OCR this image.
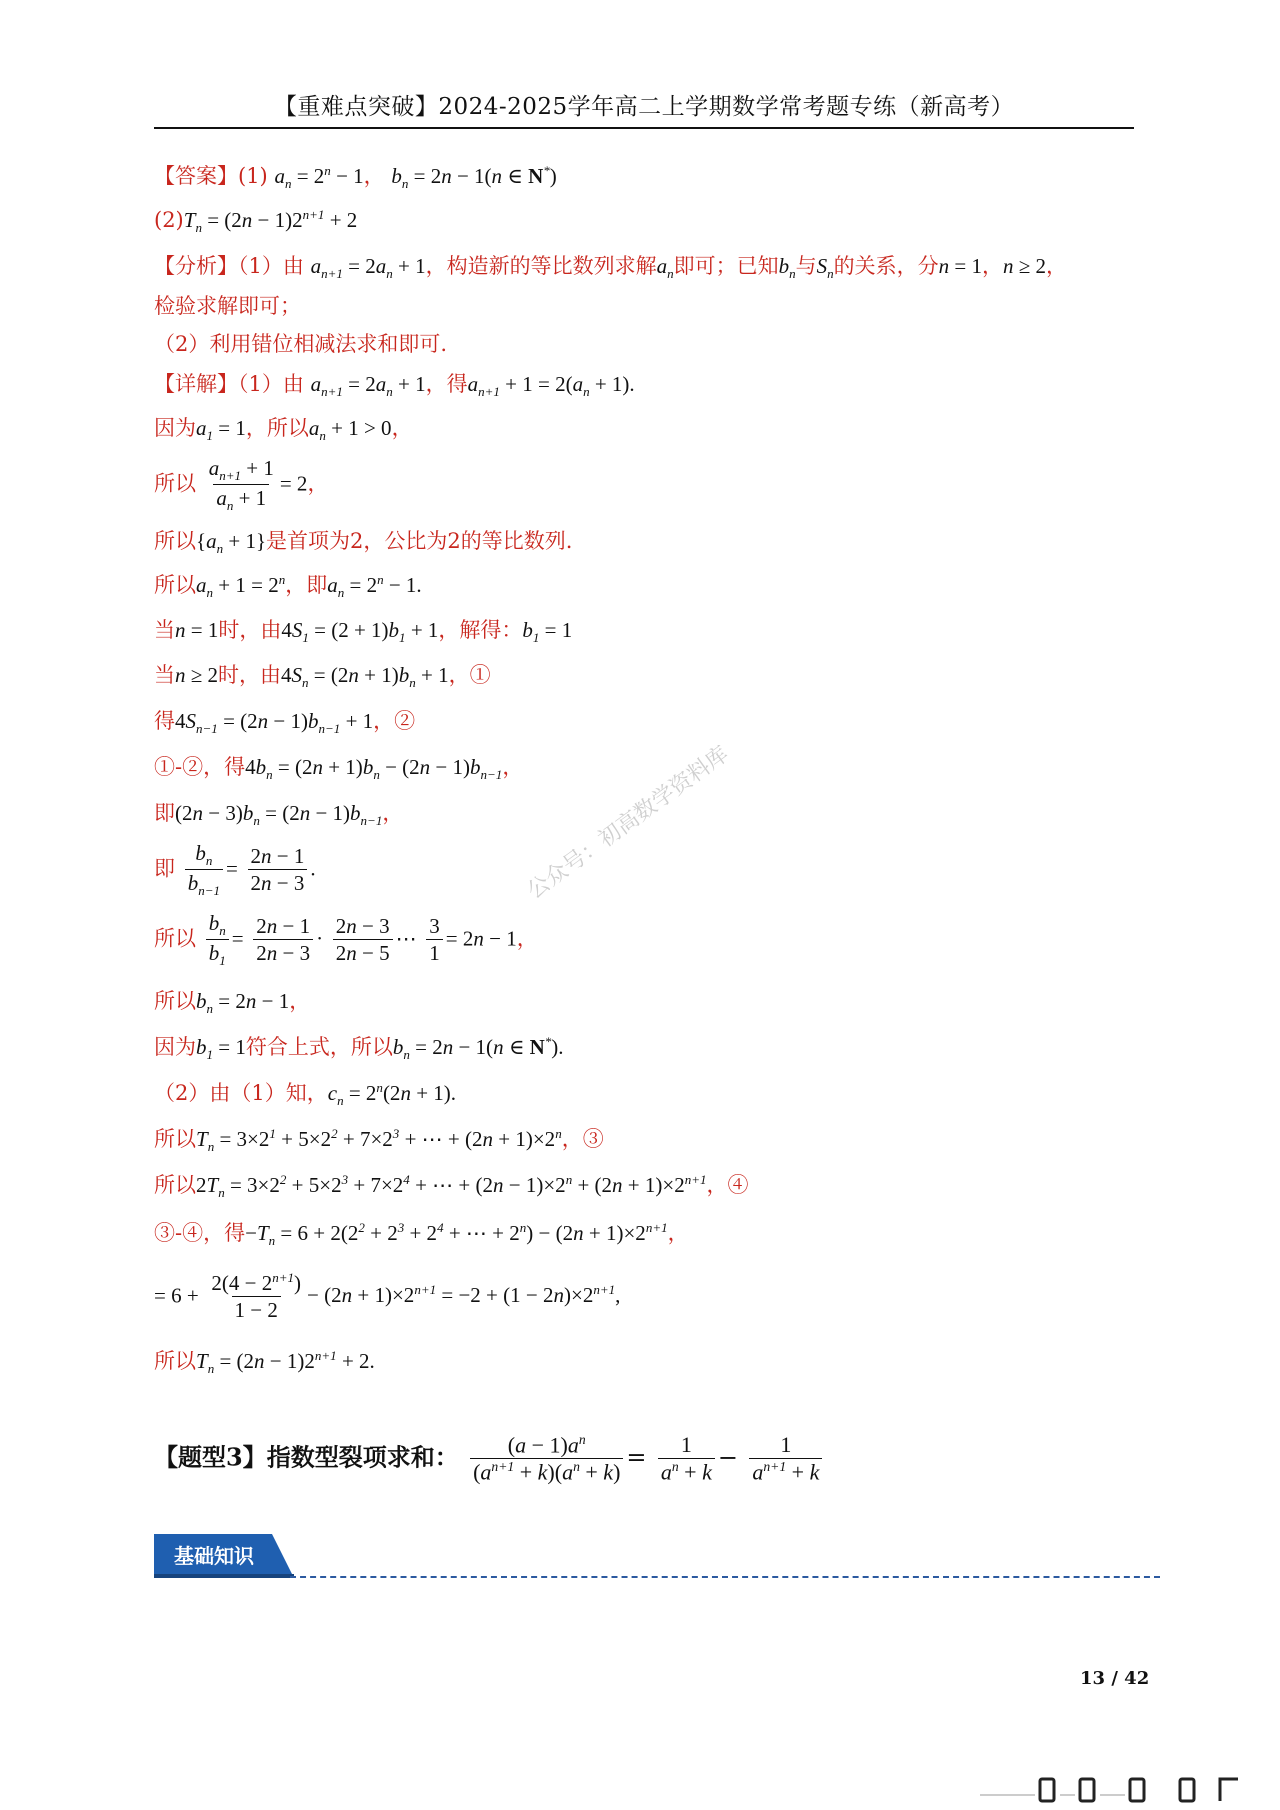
【重难点突破】2024-2025学年高二上学期数学常考题专练（新高考）
【答案】(1) $a_n = 2^n - 1$， $b_n = 2n - 1(n$ ∈ N*)
$(2)T_n = (2n - 1)2^{n+1} + 2$
【分析】（1）由 $a_{n+1} = 2a_n + 1$，构造新的等比数列求解$a_n$即可；已知$b_n$与$S_n$的关系，分n = 1，n ≥ 2，
检验求解即可；
（2）利用错位相减法求和即可.
【详解】（1）由 $a_{n+1} = 2a_n + 1$，得$a_{n+1} + 1 = 2(a_n + 1)$.
因为$a_1 = 1$，所以$a_n + 1 > 0$，
所以 $\frac{a_{n+1} + 1}{a_n + 1} = 2$，
所以$\{a_n + 1\}$是首项为2，公比为2的等比数列.
所以$a_n + 1 = 2^n$，即$a_n = 2^n - 1$.
当n = 1时，由$4S_1 = (2 + 1)b_1 + 1$，解得：$b_1 = 1$
当n ≥ 2时，由$4S_n = (2n + 1)b_n + 1$，①
得$4S_{n-1} = (2n - 1)b_{n-1} + 1$，②
①-②，得$4b_n = (2n + 1)b_n - (2n - 1)b_{n-1}$，
即$(2n - 3)b_n = (2n - 1)b_{n-1}$，
即 $\frac{b_n}{b_{n-1}} = \frac{2n - 1}{2n - 3}$ .
所以 $\frac{b_n}{b_1} = \frac{2n - 1}{2n - 3} \cdot \frac{2n - 3}{2n - 5}$ ⋯ $\frac{3}{1} = 2n - 1$，
所以$b_n = 2n - 1$，
因为$b_1 = 1$符合上式，所以$b_n = 2n - 1(n$ ∈ N*).
（2）由（1）知，$c_n = 2^n(2n + 1)$.
所以$T_n = 3\times 2^1 + 5\times 2^2 + 7\times 2^3$ + ⋯ + $(2n + 1)\times 2^n$，③
所以$2T_n = 3\times 2^2 + 5\times 2^3 + 7\times 2^4$ + ⋯ + $(2n - 1)\times 2^n + (2n + 1)\times 2^{n+1}$，④
③-④，得$-T_n = 6 + 2(2^2 + 2^3 + 2^4$ + ⋯ + $2^n) - (2n + 1)\times 2^{n+1}$，
= $6 + \frac{2(4 - 2^{n+1})}{1 - 2} - (2n + 1)\times 2^{n+1} = -2 + (1 - 2n)\times 2^{n+1}$,
所以$T_n = (2n - 1)2^{n+1} + 2$.
公众号：初高数学资料库
【题型3】指数型裂项求和： $\frac{(a - 1)a^n}{(a^{n+1} + k)(a^n + k)} = \frac{1}{a^n + k} - \frac{1}{a^{n+1} + k}$
基础知识
13 / 42
